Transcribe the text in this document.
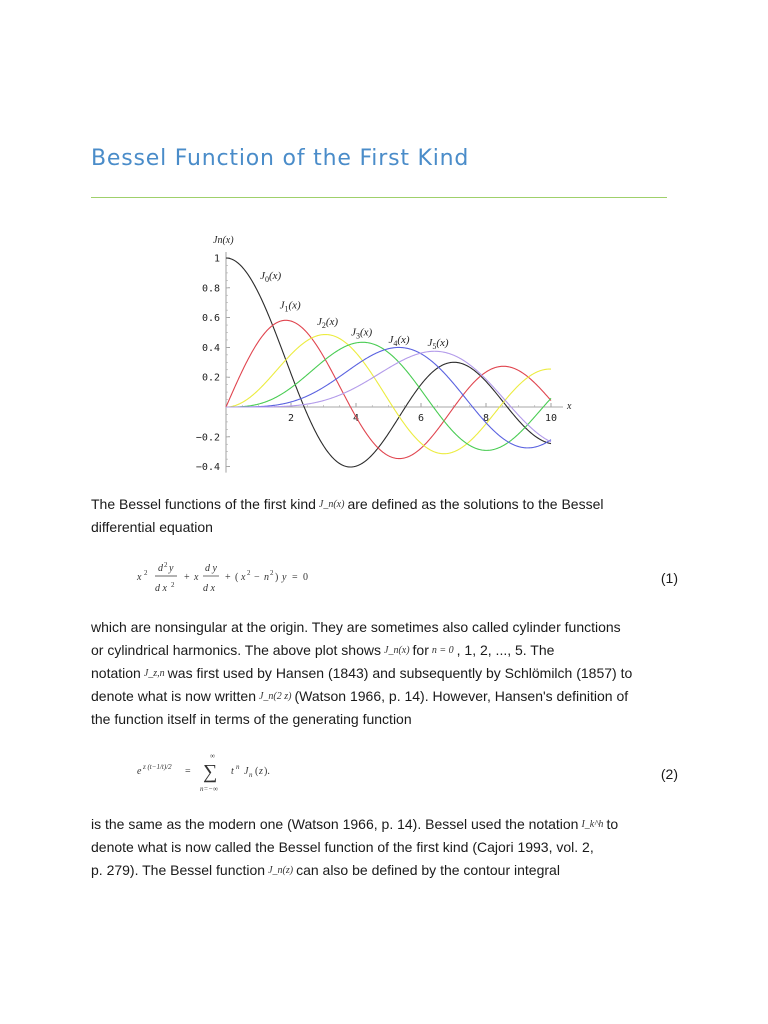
Bessel Function of the First Kind
1
0.8
0.6
0.4
0.2
−0.2
−0.4
2	4	6	8	10
Jn(x)
x
$J_0(x)$
$J_1(x)$
$J_2(x)$
$J_3(x)$
$J_4(x)$ $J_5(x)$
The Bessel functions of the first kind J_n(x) are defined as the solutions to the Bessel
differential equation
x 2 d 2 y
d x 2
+ x
d y
d x
+ ( x 2 − n 2 ) y = 0	(1)
which are nonsingular at the origin. They are sometimes also called cylinder functions
or cylindrical harmonics. The above plot shows J_n(x) for n = 0 , 1, 2, ..., 5. The
notation J_z,n was first used by Hansen (1843) and subsequently by Schlömilch (1857) to
denote what is now written J_n(2 z) (Watson 1966, p. 14). However, Hansen's definition of
the function itself in terms of the generating function
e z (t−1/t)/2 =
∞
∑
n=−∞
t n J n ( z ).	(2)
is the same as the modern one (Watson 1966, p. 14). Bessel used the notation I_k^h to
denote what is now called the Bessel function of the first kind (Cajori 1993, vol. 2,
p. 279). The Bessel function J_n(z) can also be defined by the contour integral
